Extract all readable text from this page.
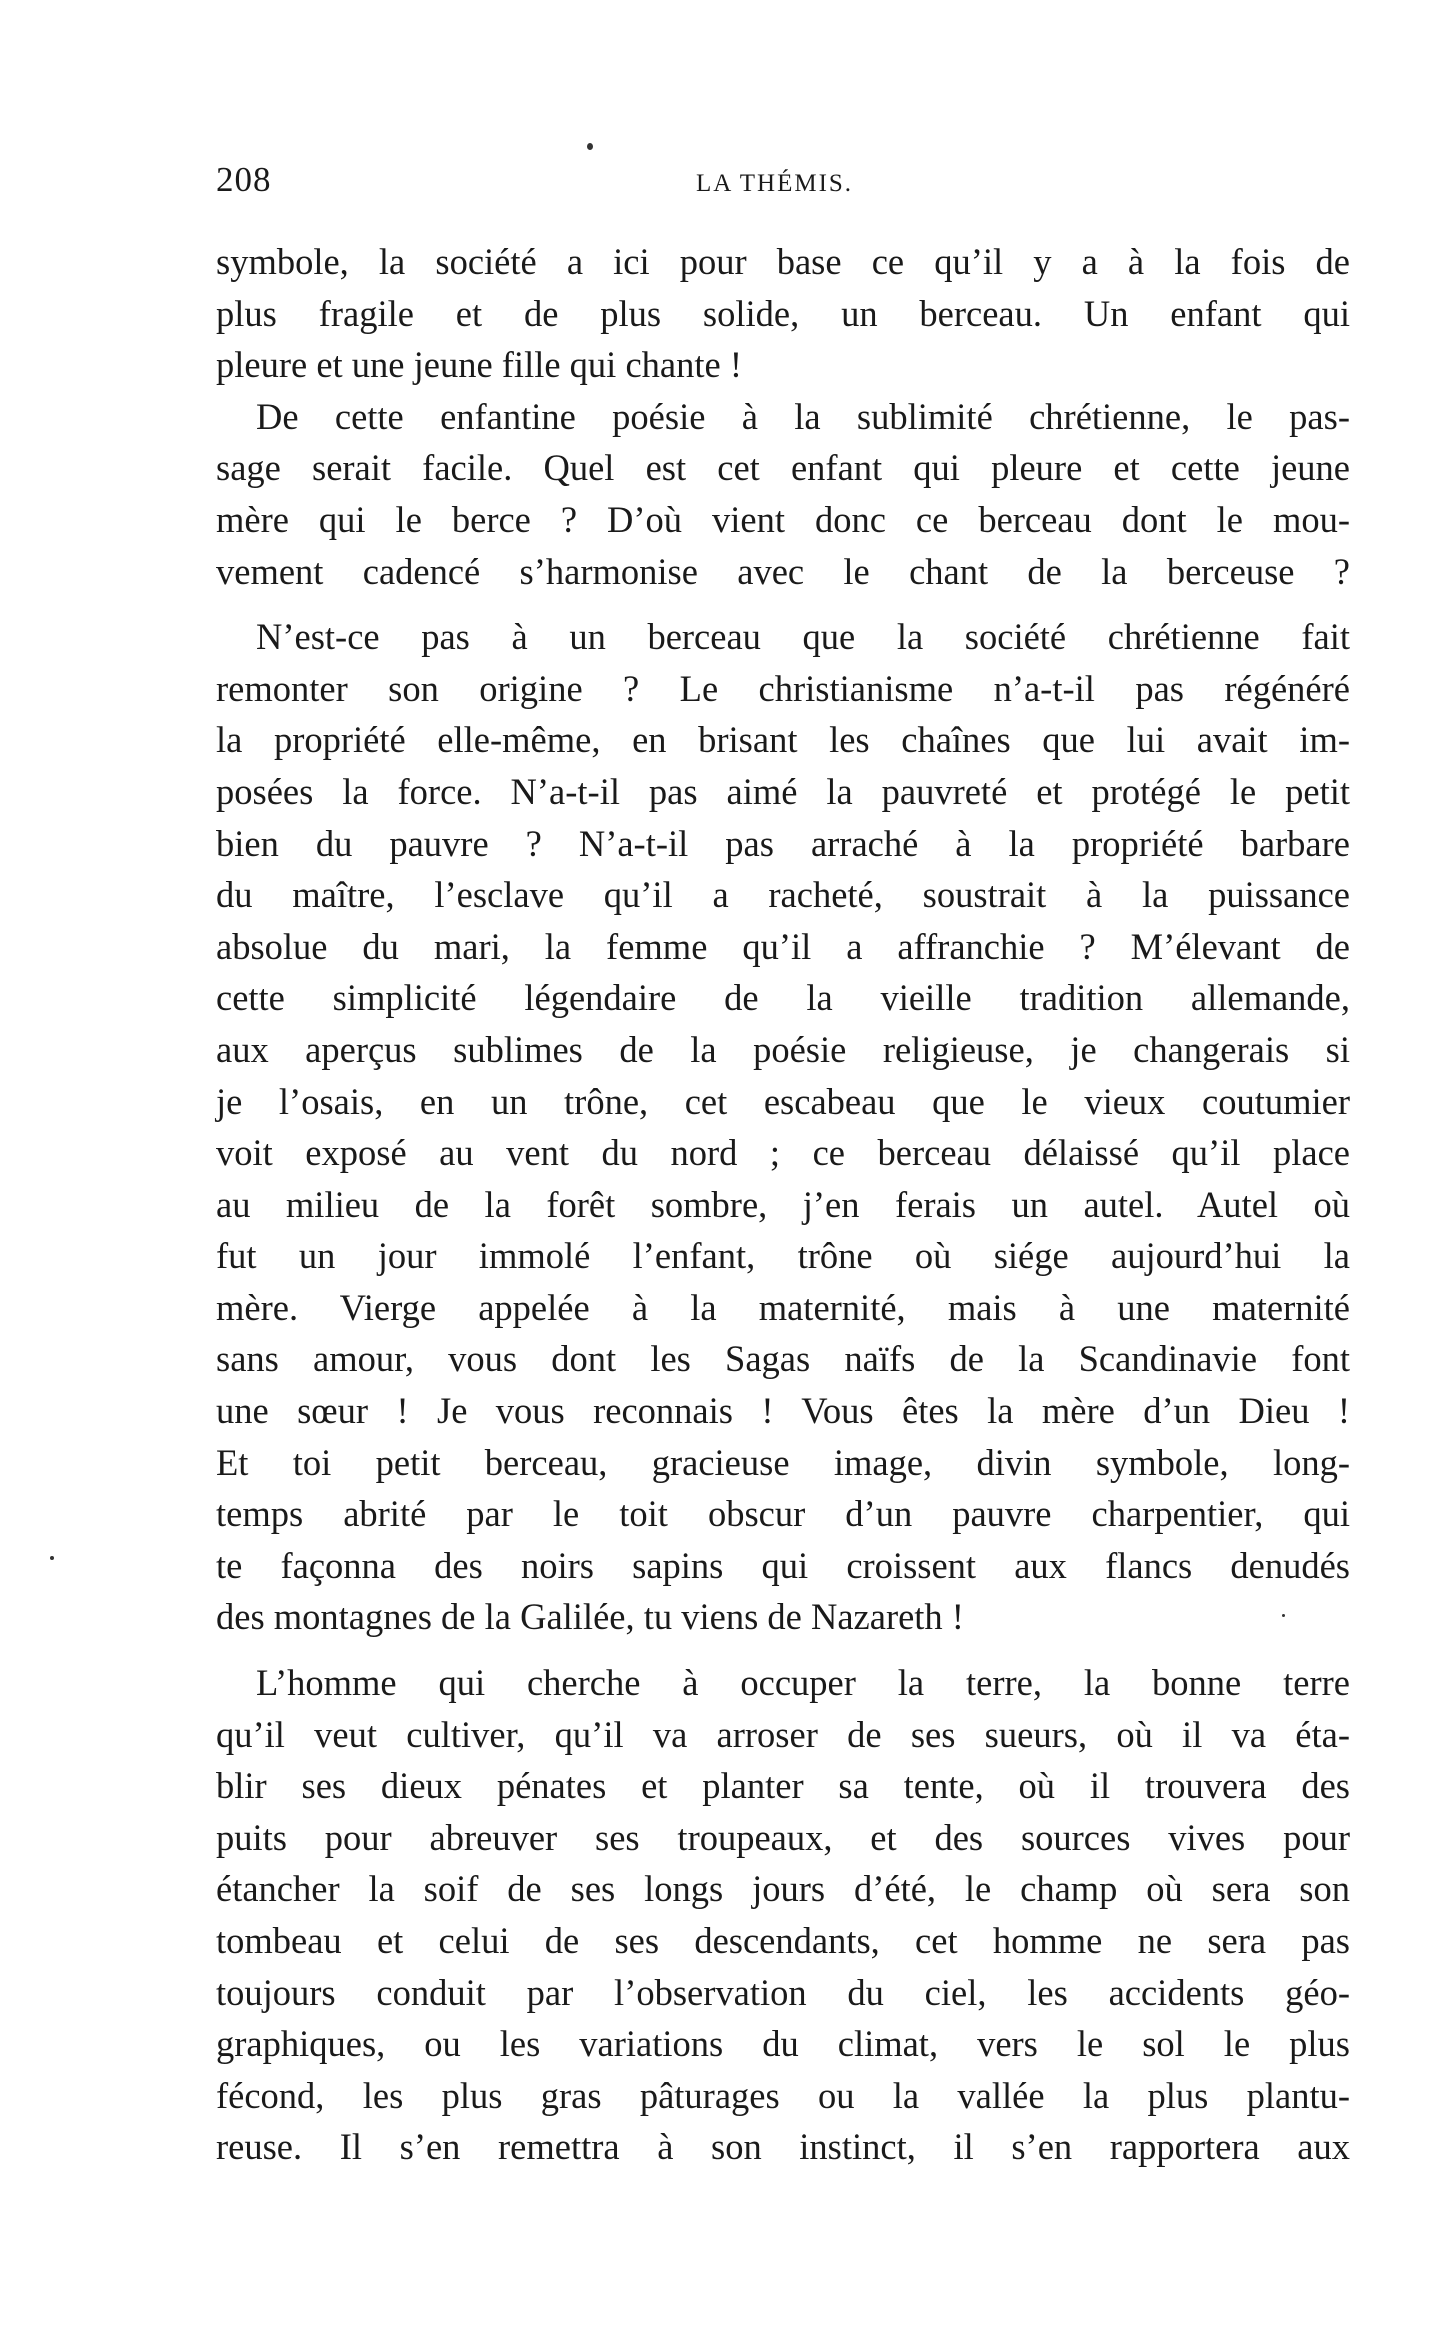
208	LA THÉMIS.
symbole, la société a ici pour base ce qu’il y a à la fois de
plus fragile et de plus solide, un berceau. Un enfant qui
pleure et une jeune fille qui chante !
De cette enfantine poésie à la sublimité chrétienne, le pas-
sage serait facile. Quel est cet enfant qui pleure et cette jeune
mère qui le berce ? D’où vient donc ce berceau dont le mou-
vement cadencé s’harmonise avec le chant de la berceuse ?
N’est-ce pas à un berceau que la société chrétienne fait
remonter son origine ? Le christianisme n’a-t-il pas régénéré
la propriété elle-même, en brisant les chaînes que lui avait im-
posées la force. N’a-t-il pas aimé la pauvreté et protégé le petit
bien du pauvre ? N’a-t-il pas arraché à la propriété barbare
du maître, l’esclave qu’il a racheté, soustrait à la puissance
absolue du mari, la femme qu’il a affranchie ? M’élevant de
cette simplicité légendaire de la vieille tradition allemande,
aux aperçus sublimes de la poésie religieuse, je changerais si
je l’osais, en un trône, cet escabeau que le vieux coutumier
voit exposé au vent du nord ; ce berceau délaissé qu’il place
au milieu de la forêt sombre, j’en ferais un autel. Autel où
fut un jour immolé l’enfant, trône où siége aujourd’hui la
mère. Vierge appelée à la maternité, mais à une maternité
sans amour, vous dont les Sagas naïfs de la Scandinavie font
une sœur ! Je vous reconnais ! Vous êtes la mère d’un Dieu !
Et toi petit berceau, gracieuse image, divin symbole, long-
temps abrité par le toit obscur d’un pauvre charpentier, qui
te façonna des noirs sapins qui croissent aux flancs denudés
des montagnes de la Galilée, tu viens de Nazareth !
L’homme qui cherche à occuper la terre, la bonne terre
qu’il veut cultiver, qu’il va arroser de ses sueurs, où il va éta-
blir ses dieux pénates et planter sa tente, où il trouvera des
puits pour abreuver ses troupeaux, et des sources vives pour
étancher la soif de ses longs jours d’été, le champ où sera son
tombeau et celui de ses descendants, cet homme ne sera pas
toujours conduit par l’observation du ciel, les accidents géo-
graphiques, ou les variations du climat, vers le sol le plus
fécond, les plus gras pâturages ou la vallée la plus plantu-
reuse. Il s’en remettra à son instinct, il s’en rapportera aux
